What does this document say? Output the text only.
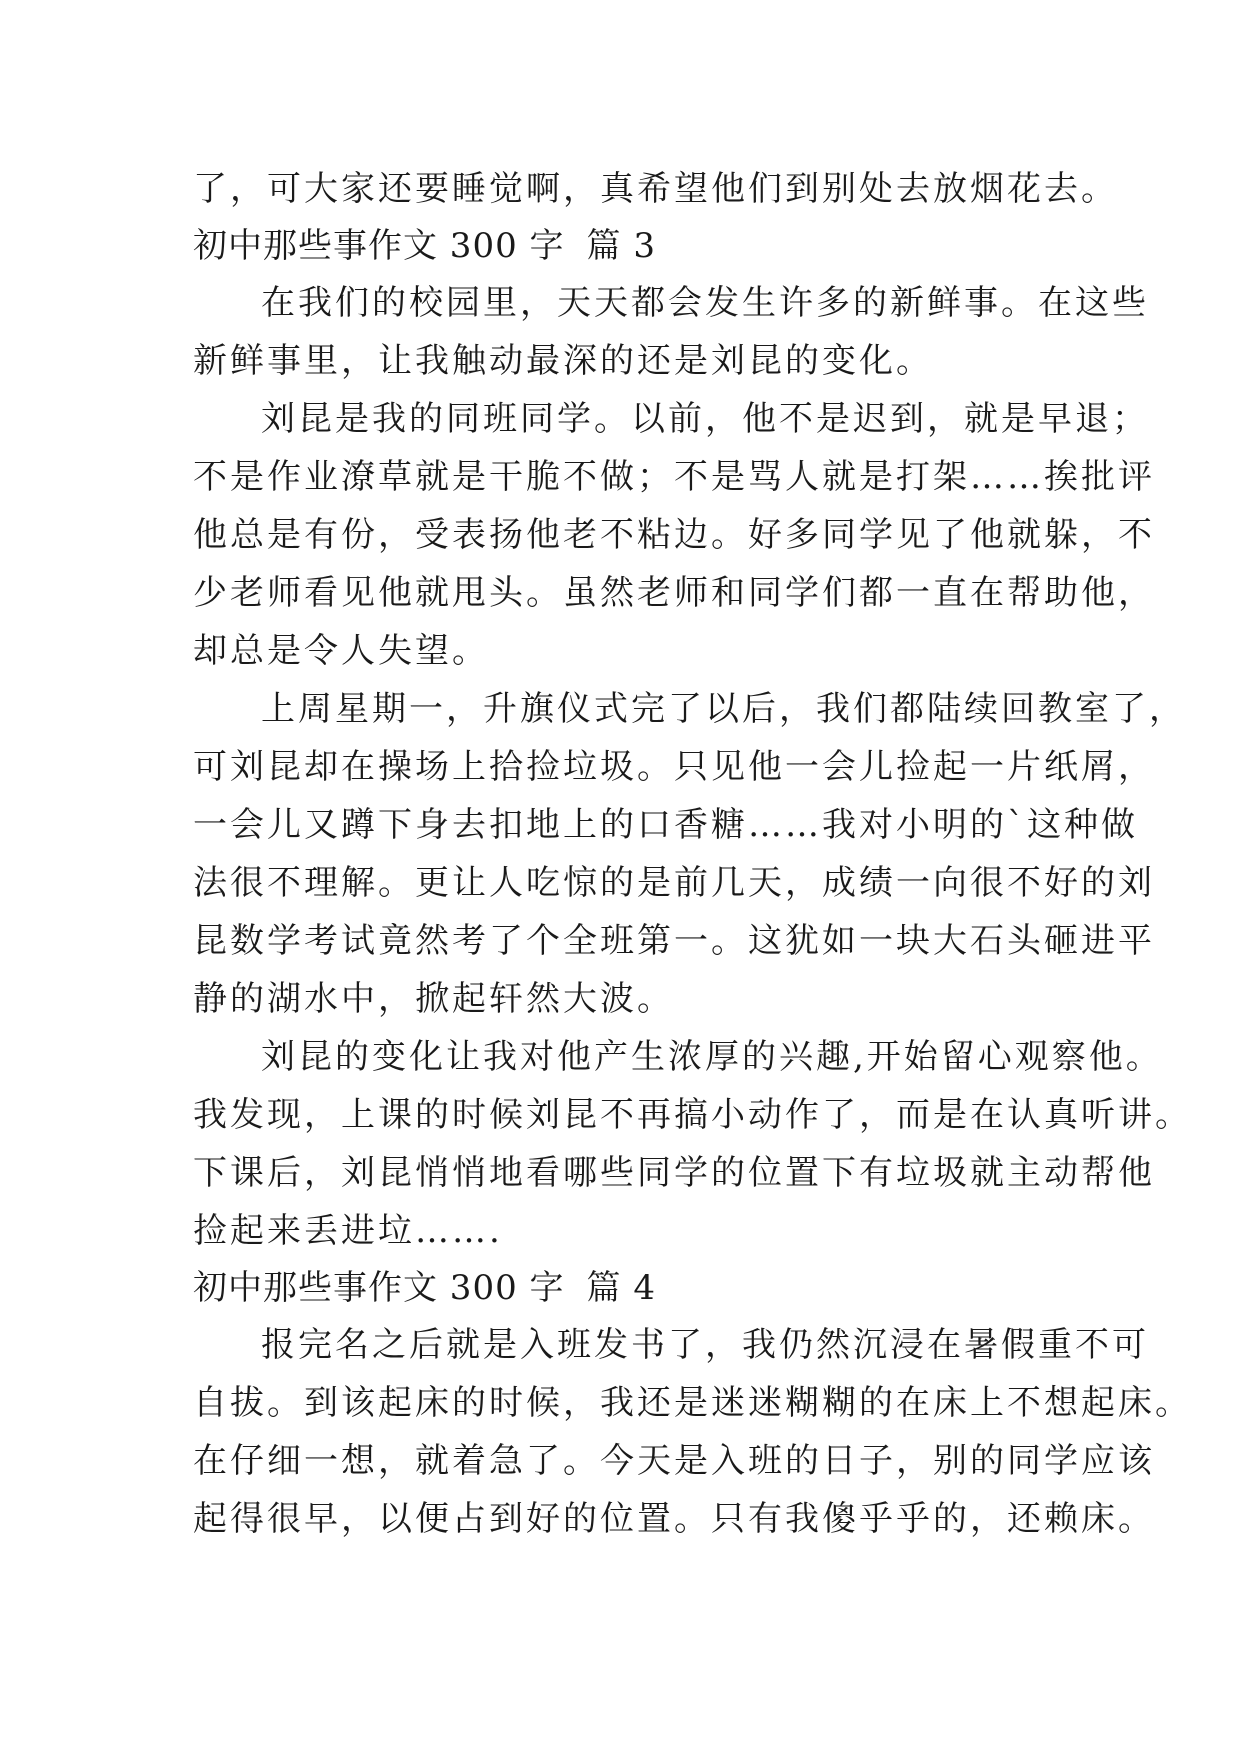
了，可大家还要睡觉啊，真希望他们到别处去放烟花去。
初中那些事作文 300 字 篇 3
在我们的校园里，天天都会发生许多的新鲜事。在这些
新鲜事里，让我触动最深的还是刘昆的变化。
刘昆是我的同班同学。以前，他不是迟到，就是早退；
不是作业潦草就是干脆不做；不是骂人就是打架……挨批评
他总是有份，受表扬他老不粘边。好多同学见了他就躲，不
少老师看见他就甩头。虽然老师和同学们都一直在帮助他，
却总是令人失望。
上周星期一，升旗仪式完了以后，我们都陆续回教室了，
可刘昆却在操场上拾捡垃圾。只见他一会儿捡起一片纸屑，
一会儿又蹲下身去扣地上的口香糖……我对小明的`这种做
法很不理解。更让人吃惊的是前几天，成绩一向很不好的刘
昆数学考试竟然考了个全班第一。这犹如一块大石头砸进平
静的湖水中，掀起轩然大波。
刘昆的变化让我对他产生浓厚的兴趣,开始留心观察他。
我发现，上课的时候刘昆不再搞小动作了，而是在认真听讲。
下课后，刘昆悄悄地看哪些同学的位置下有垃圾就主动帮他
捡起来丢进垃…….
初中那些事作文 300 字 篇 4
报完名之后就是入班发书了，我仍然沉浸在暑假重不可
自拔。到该起床的时候，我还是迷迷糊糊的在床上不想起床。
在仔细一想，就着急了。今天是入班的日子，别的同学应该
起得很早，以便占到好的位置。只有我傻乎乎的，还赖床。
